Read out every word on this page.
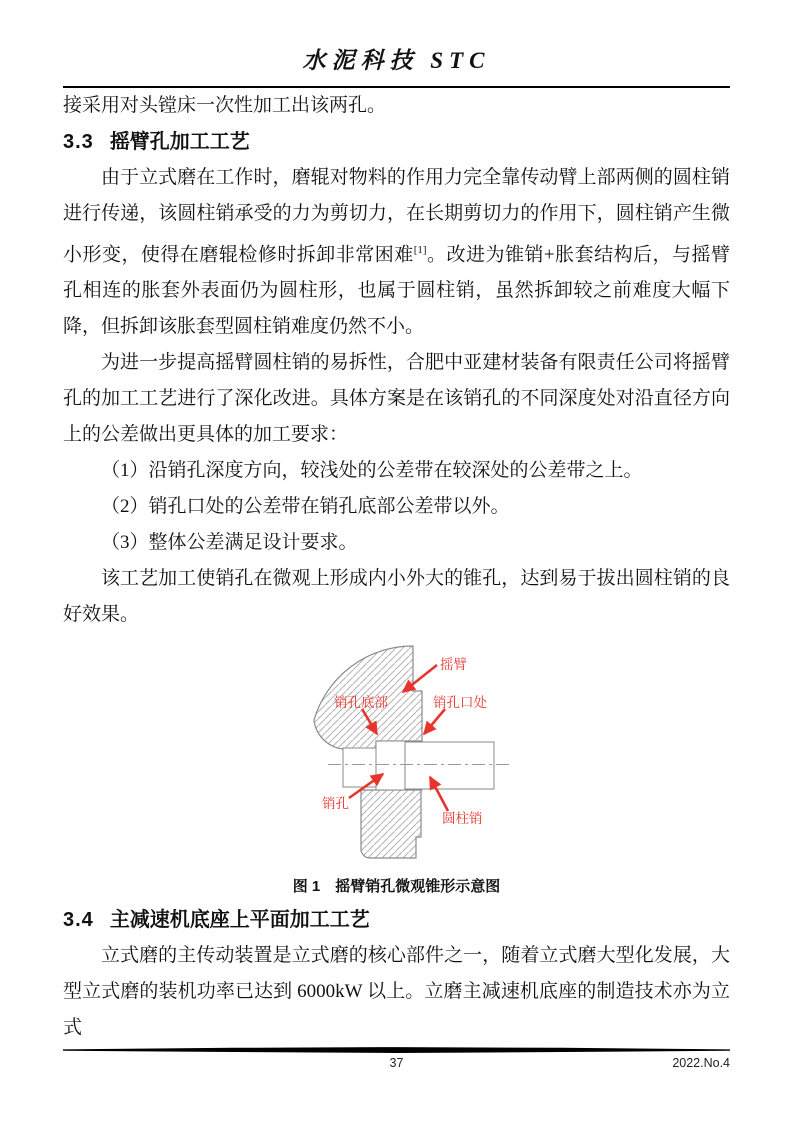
水泥科技 STC

接采用对头镗床一次性加工出该两孔。

3.3 摇臂孔加工工艺

由于立式磨在工作时，磨辊对物料的作用力完全靠传动臂上部两侧的圆柱销进行传递，该圆柱销承受的力为剪切力，在长期剪切力的作用下，圆柱销产生微小形变，使得在磨辊检修时拆卸非常困难[1]。改进为锥销+胀套结构后，与摇臂孔相连的胀套外表面仍为圆柱形，也属于圆柱销，虽然拆卸较之前难度大幅下降，但拆卸该胀套型圆柱销难度仍然不小。

为进一步提高摇臂圆柱销的易拆性，合肥中亚建材装备有限责任公司将摇臂孔的加工工艺进行了深化改进。具体方案是在该销孔的不同深度处对沿直径方向上的公差做出更具体的加工要求：

（1）沿销孔深度方向，较浅处的公差带在较深处的公差带之上。

（2）销孔口处的公差带在销孔底部公差带以外。

（3）整体公差满足设计要求。

该工艺加工使销孔在微观上形成内小外大的锥孔，达到易于拔出圆柱销的良好效果。

摇臂
销孔口处
销孔底部
销孔
圆柱销
图 1　摇臂销孔微观锥形示意图
3.4 主减速机底座上平面加工工艺

立式磨的主传动装置是立式磨的核心部件之一，随着立式磨大型化发展，大型立式磨的装机功率已达到 6000kW 以上。立磨主减速机底座的制造技术亦为立式

37	2022.No.4
